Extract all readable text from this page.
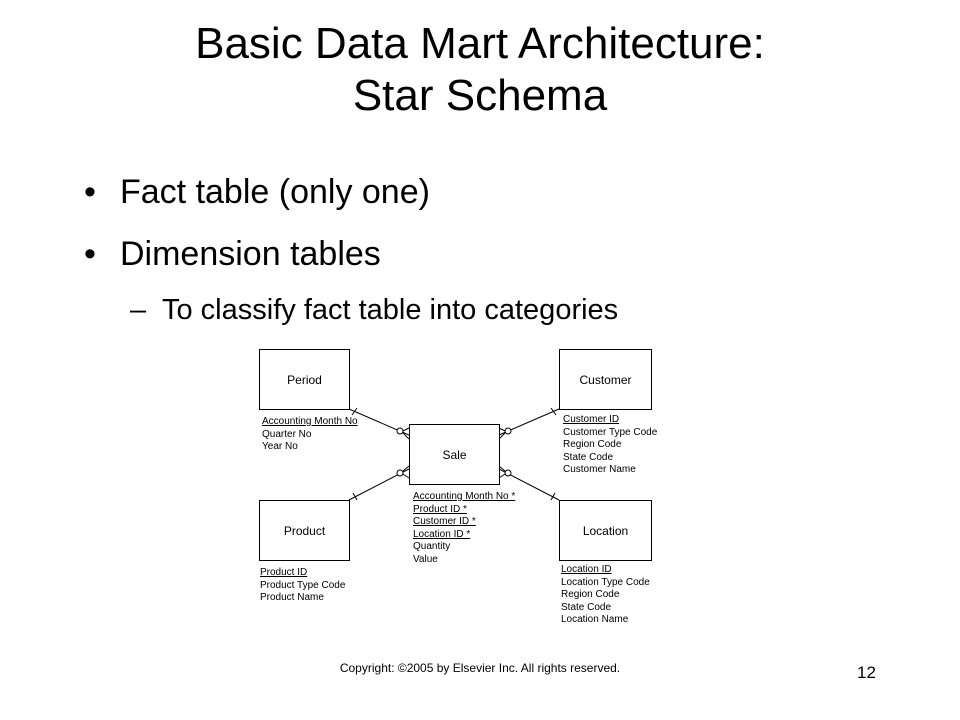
Basic Data Mart Architecture:
Star Schema
• Fact table (only one)
• Dimension tables
– To classify fact table into categories
Period
Accounting Month No
Quarter No
Year No
Customer
Customer ID
Customer Type Code
Region Code
State Code
Customer Name
Sale
Accounting Month No *
Product ID *
Customer ID *
Location ID *
Quantity
Value
Product
Product ID
Product Type Code
Product Name
Location
Location ID
Location Type Code
Region Code
State Code
Location Name
Copyright: ©2005 by Elsevier Inc. All rights reserved.	12
